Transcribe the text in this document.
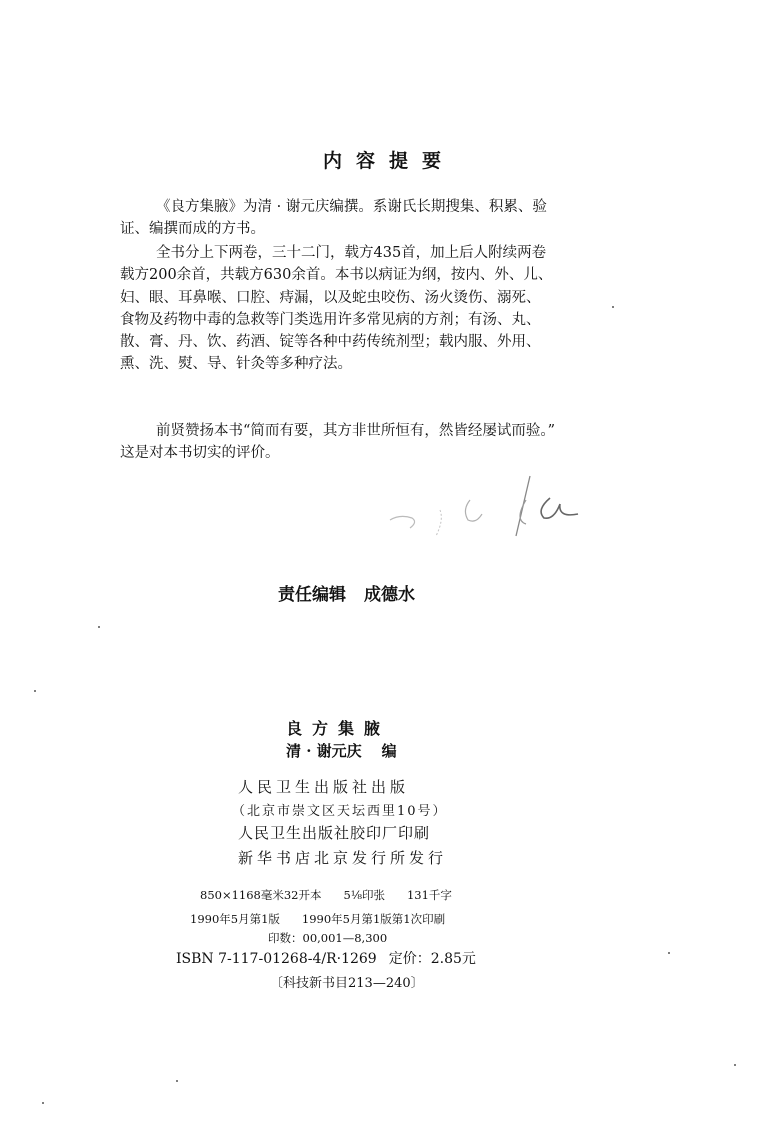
内容提要

《良方集腋》为清 · 谢元庆编撰。系谢氏长期搜集、积累、验
证、编撰而成的方书。

全书分上下两卷，三十二门，载方435首，加上后人附续两卷
载方200余首，共载方630余首。本书以病证为纲，按内、外、儿、
妇、眼、耳鼻喉、口腔、痔漏，以及蛇虫咬伤、汤火烫伤、溺死、
食物及药物中毒的急救等门类选用许多常见病的方剂；有汤、丸、
散、膏、丹、饮、药酒、锭等各种中药传统剂型；载内服、外用、
熏、洗、熨、导、针灸等多种疗法。

前贤赞扬本书“简而有要，其方非世所恒有，然皆经屡试而验。”
这是对本书切实的评价。

责任编辑 成德水
良方集腋
清 · 谢元庆 编
人民卫生出版社出版
（北京市崇文区天坛西里10号）
人民卫生出版社胶印厂印刷
新华书店北京发行所发行
850×1168毫米32开本 5⅛印张 131千字
1990年5月第1版 1990年5月第1版第1次印刷
印数：00,001—8,300
ISBN 7-117-01268-4/R·1269 定价：2.85元
〔科技新书目213—240〕
